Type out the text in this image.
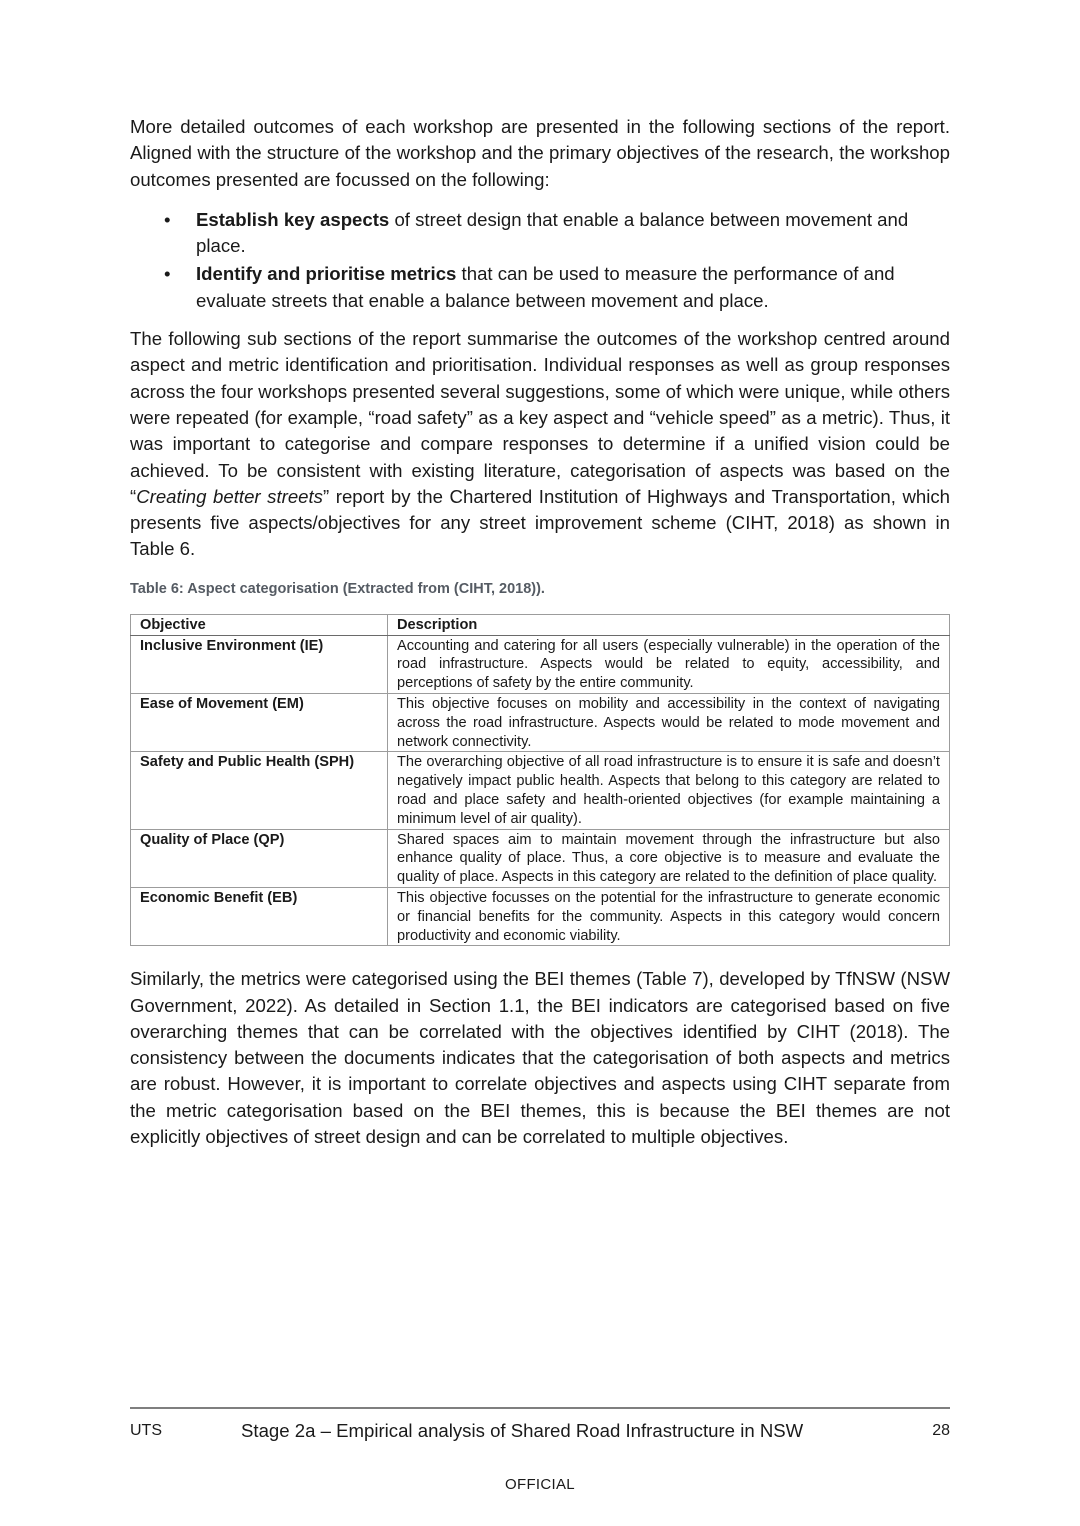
More detailed outcomes of each workshop are presented in the following sections of the report. Aligned with the structure of the workshop and the primary objectives of the research, the workshop outcomes presented are focussed on the following:

• Establish key aspects of street design that enable a balance between movement and place.
• Identify and prioritise metrics that can be used to measure the performance of and evaluate streets that enable a balance between movement and place.

The following sub sections of the report summarise the outcomes of the workshop centred around aspect and metric identification and prioritisation. Individual responses as well as group responses across the four workshops presented several suggestions, some of which were unique, while others were repeated (for example, “road safety” as a key aspect and “vehicle speed” as a metric). Thus, it was important to categorise and compare responses to determine if a unified vision could be achieved. To be consistent with existing literature, categorisation of aspects was based on the “Creating better streets” report by the Chartered Institution of Highways and Transportation, which presents five aspects/objectives for any street improvement scheme (CIHT, 2018) as shown in Table 6.

Table 6: Aspect categorisation (Extracted from (CIHT, 2018)).
Objective	Description
Inclusive Environment (IE)	Accounting and catering for all users (especially vulnerable) in the operation of the road infrastructure. Aspects would be related to equity, accessibility, and perceptions of safety by the entire community.
Ease of Movement (EM)	This objective focuses on mobility and accessibility in the context of navigating across the road infrastructure. Aspects would be related to mode movement and network connectivity.
Safety and Public Health (SPH)	The overarching objective of all road infrastructure is to ensure it is safe and doesn’t negatively impact public health. Aspects that belong to this category are related to road and place safety and health-oriented objectives (for example maintaining a minimum level of air quality).
Quality of Place (QP)	Shared spaces aim to maintain movement through the infrastructure but also enhance quality of place. Thus, a core objective is to measure and evaluate the quality of place. Aspects in this category are related to the definition of place quality.
Economic Benefit (EB)	This objective focusses on the potential for the infrastructure to generate economic or financial benefits for the community. Aspects in this category would concern productivity and economic viability.

Similarly, the metrics were categorised using the BEI themes (Table 7), developed by TfNSW (NSW Government, 2022). As detailed in Section 1.1, the BEI indicators are categorised based on five overarching themes that can be correlated with the objectives identified by CIHT (2018). The consistency between the documents indicates that the categorisation of both aspects and metrics are robust. However, it is important to correlate objectives and aspects using CIHT separate from the metric categorisation based on the BEI themes, this is because the BEI themes are not explicitly objectives of street design and can be correlated to multiple objectives.

UTS	Stage 2a – Empirical analysis of Shared Road Infrastructure in NSW	28
OFFICIAL
